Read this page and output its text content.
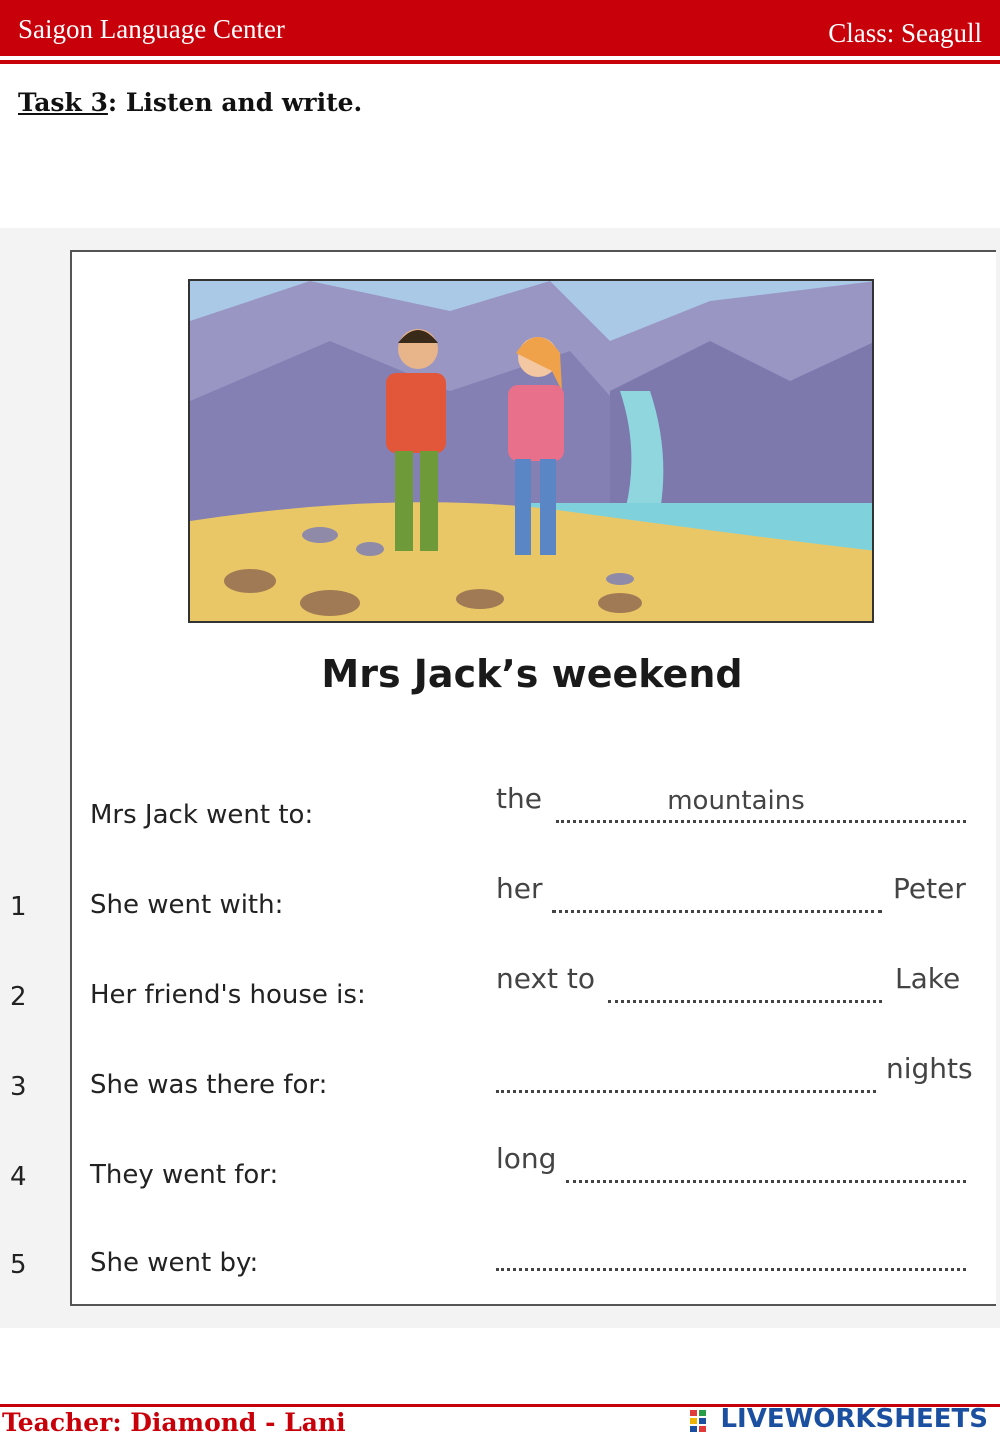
Saigon Language Center	Class: Seagull
Task 3: Listen and write.
Mrs Jack’s weekend
Mrs Jack went to:	the	mountains
1 She went with:	her	Peter
2 Her friend's house is:	next to	Lake
3 She was there for:	nights
4 They went for:	long
5 She went by:
Teacher: Diamond - Lani	LIVEWORKSHEETS
